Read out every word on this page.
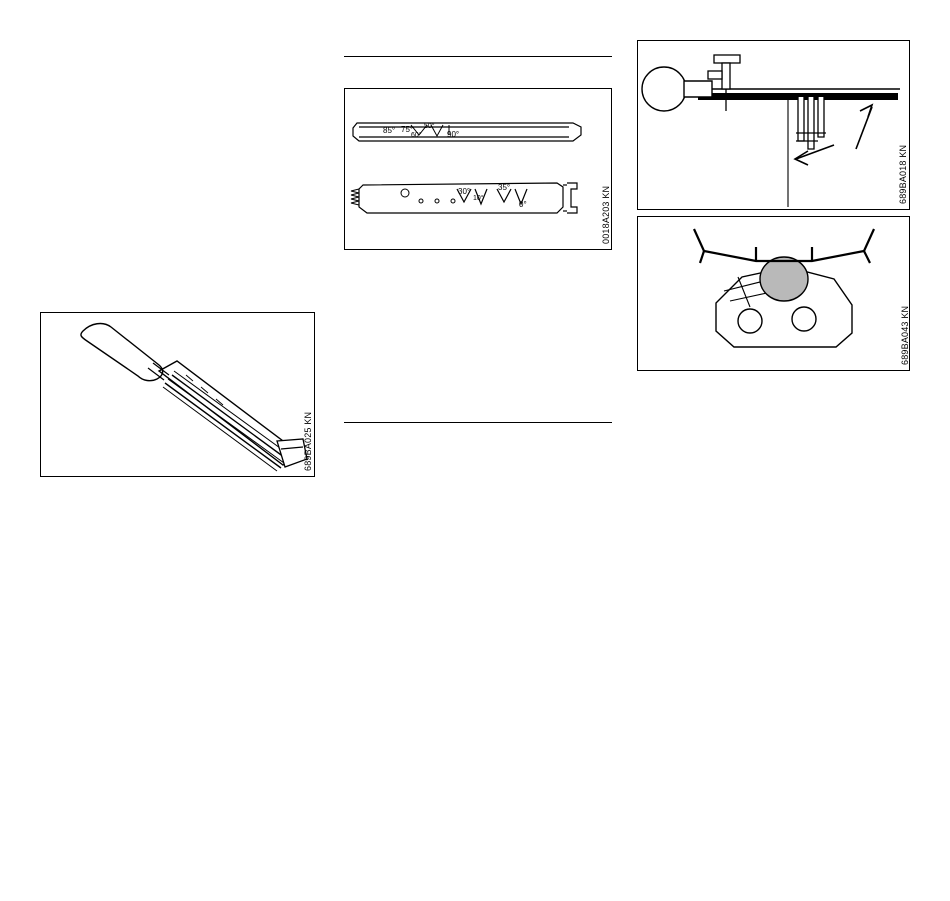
0018A203 KN
85° 75°
60°
50°
90°
30°
10°
35°
0°
689BA025 KN
689BA018 KN
689BA043 KN
